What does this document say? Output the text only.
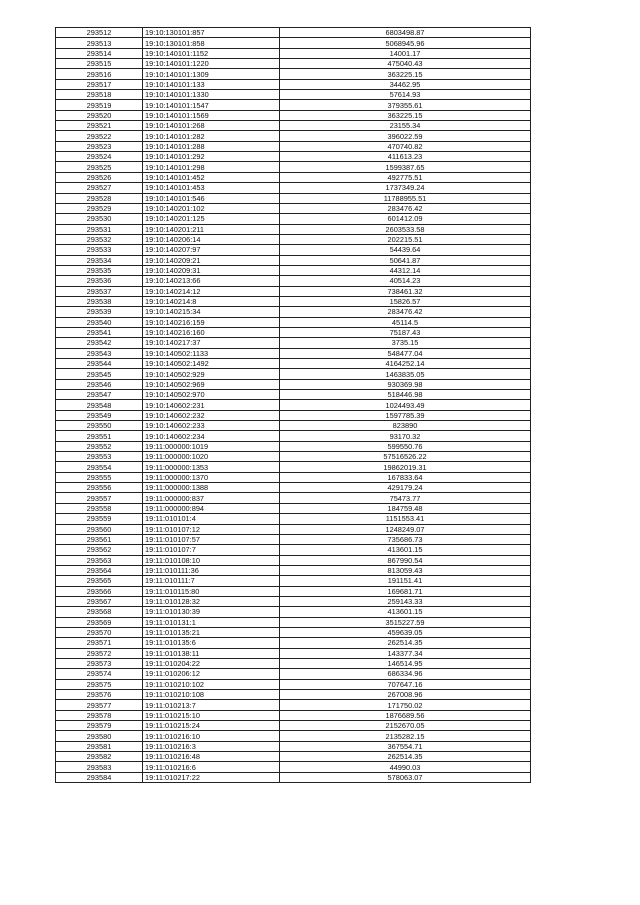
293512	19:10:130101:857	6803498.87
293513	19:10:130101:858	5068945.96
293514	19:10:140101:1152	14001.17
293515	19:10:140101:1220	475040.43
293516	19:10:140101:1309	363225.15
293517	19:10:140101:133	34462.95
293518	19:10:140101:1330	57614.93
293519	19:10:140101:1547	379355.61
293520	19:10:140101:1569	363225.15
293521	19:10:140101:268	23155.34
293522	19:10:140101:282	396022.59
293523	19:10:140101:288	470740.82
293524	19:10:140101:292	411613.23
293525	19:10:140101:298	1599387.65
293526	19:10:140101:452	492775.51
293527	19:10:140101:453	1737349.24
293528	19:10:140101:546	11788955.51
293529	19:10:140201:102	283476.42
293530	19:10:140201:125	601412.09
293531	19:10:140201:211	2603533.58
293532	19:10:140206:14	202215.51
293533	19:10:140207:97	54439.64
293534	19:10:140209:21	50641.87
293535	19:10:140209:31	44312.14
293536	19:10:140213:66	40514.23
293537	19:10:140214:12	738461.32
293538	19:10:140214:8	15826.57
293539	19:10:140215:34	283476.42
293540	19:10:140216:159	45114.5
293541	19:10:140216:160	75187.43
293542	19:10:140217:37	3735.15
293543	19:10:140502:1133	548477.04
293544	19:10:140502:1492	4164252.14
293545	19:10:140502:929	1463835.05
293546	19:10:140502:969	930369.98
293547	19:10:140502:970	518446.98
293548	19:10:140602:231	1024493.49
293549	19:10:140602:232	1597785.39
293550	19:10:140602:233	823890
293551	19:10:140602:234	93170.32
293552	19:11:000000:1019	599550.76
293553	19:11:000000:1020	57516526.22
293554	19:11:000000:1353	19862019.31
293555	19:11:000000:1370	167833.64
293556	19:11:000000:1388	429179.24
293557	19:11:000000:837	75473.77
293558	19:11:000000:894	184759.48
293559	19:11:010101:4	1151553.41
293560	19:11:010107:12	1248249.07
293561	19:11:010107:57	735686.73
293562	19:11:010107:7	413601.15
293563	19:11:010108:10	867990.54
293564	19:11:010111:36	813059.43
293565	19:11:010111:7	191151.41
293566	19:11:010115:80	169681.71
293567	19:11:010128:32	259143.33
293568	19:11:010130:39	413601.15
293569	19:11:010131:1	3515227.59
293570	19:11:010135:21	459639.05
293571	19:11:010135:6	262514.35
293572	19:11:010138:11	143377.34
293573	19:11:010204:22	146514.95
293574	19:11:010206:12	686334.96
293575	19:11:010210:102	707647.16
293576	19:11:010210:108	267008.96
293577	19:11:010213:7	171750.02
293578	19:11:010215:10	1876689.56
293579	19:11:010215:24	2152670.05
293580	19:11:010216:10	2135282.15
293581	19:11:010216:3	367554.71
293582	19:11:010216:48	262514.35
293583	19:11:010216:6	44990.03
293584	19:11:010217:22	578063.07
